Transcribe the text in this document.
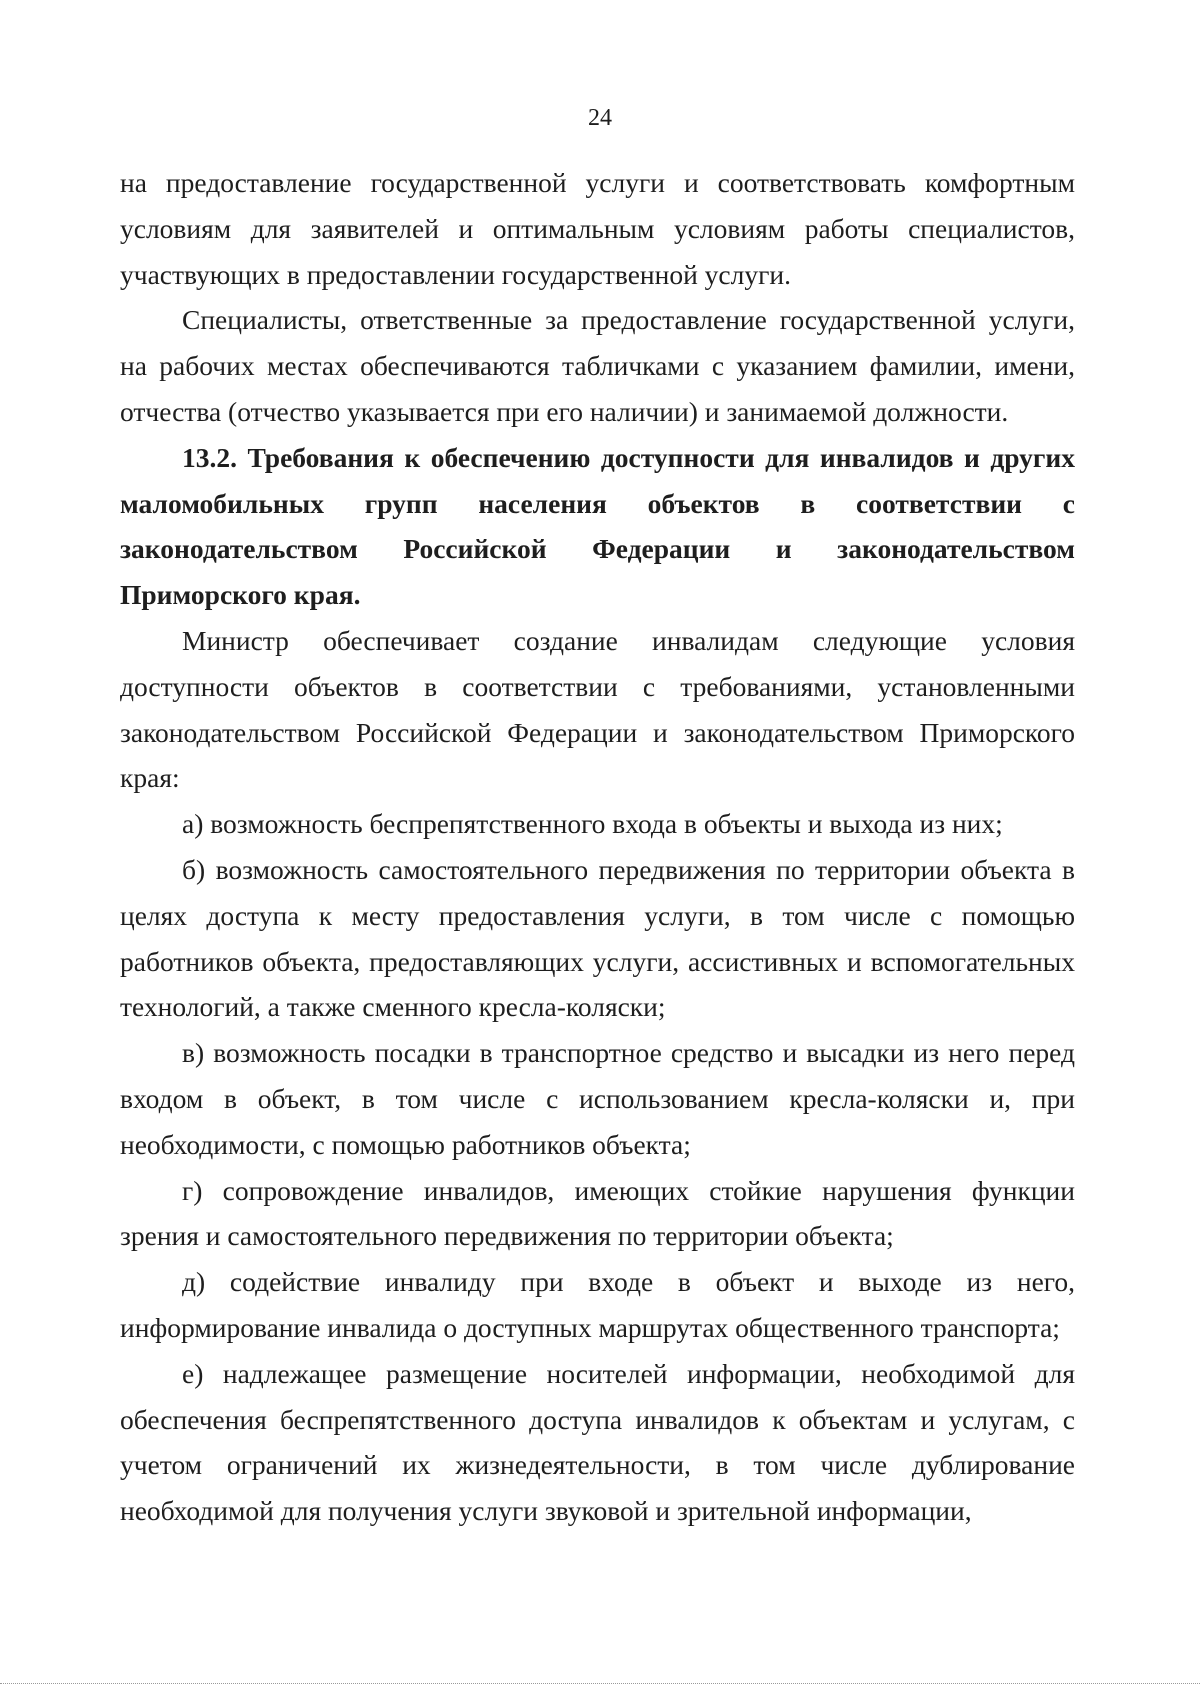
24

на предоставление государственной услуги и соответствовать комфортным условиям для заявителей и оптимальным условиям работы специалистов, участвующих в предоставлении государственной услуги.

Специалисты, ответственные за предоставление государственной услуги, на рабочих местах обеспечиваются табличками с указанием фамилии, имени, отчества (отчество указывается при его наличии) и занимаемой должности.

13.2. Требования к обеспечению доступности для инвалидов и других маломобильных групп населения объектов в соответствии с законодательством Российской Федерации и законодательством Приморского края.

Министр обеспечивает создание инвалидам следующие условия доступности объектов в соответствии с требованиями, установленными законодательством Российской Федерации и законодательством Приморского края:

а) возможность беспрепятственного входа в объекты и выхода из них;

б) возможность самостоятельного передвижения по территории объекта в целях доступа к месту предоставления услуги, в том числе с помощью работников объекта, предоставляющих услуги, ассистивных и вспомогательных технологий, а также сменного кресла-коляски;

в) возможность посадки в транспортное средство и высадки из него перед входом в объект, в том числе с использованием кресла-коляски и, при необходимости, с помощью работников объекта;

г) сопровождение инвалидов, имеющих стойкие нарушения функции зрения и самостоятельного передвижения по территории объекта;

д) содействие инвалиду при входе в объект и выходе из него, информирование инвалида о доступных маршрутах общественного транспорта;

е) надлежащее размещение носителей информации, необходимой для обеспечения беспрепятственного доступа инвалидов к объектам и услугам, с учетом ограничений их жизнедеятельности, в том числе дублирование необходимой для получения услуги звуковой и зрительной информации,
